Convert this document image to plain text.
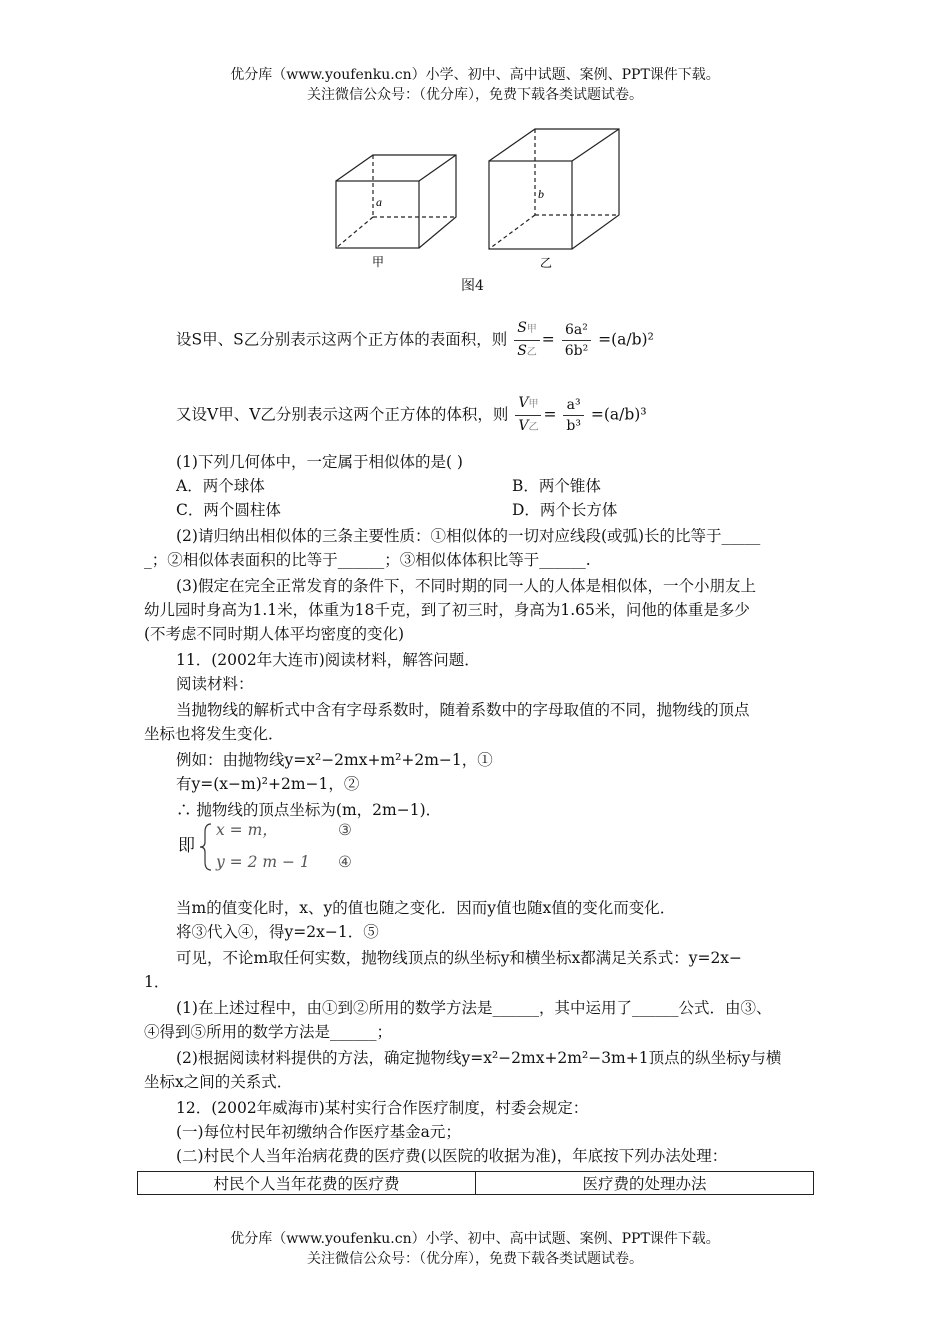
优分库（www.youfenku.cn）小学、初中、高中试题、案例、PPT课件下载。
关注微信公众号：（优分库），免费下载各类试题试卷。
a
b
甲	乙
图4
设S甲、S乙分别表示这两个正方体的表面积，则 $\frac{\text{S甲}}{\text{S乙}} = \frac{\text{6a²}}{\text{6b²}} =(a/b)^2$
又设V甲、V乙分别表示这两个正方体的体积，则 $\frac{\text{V甲}}{\text{V乙}} = \frac{\text{a³}}{\text{b³}} =(a/b)^3$
(1)下列几何体中，一定属于相似体的是( )
A．两个球体	B．两个锥体
C．两个圆柱体	D．两个长方体
(2)请归纳出相似体的三条主要性质：①相似体的一切对应线段(或弧)长的比等于_____
_；②相似体表面积的比等于______；③相似体体积比等于______.
(3)假定在完全正常发育的条件下，不同时期的同一人的人体是相似体，一个小朋友上
幼儿园时身高为1.1米，体重为18千克，到了初三时，身高为1.65米，问他的体重是多少
(不考虑不同时期人体平均密度的变化)
11．(2002年大连市)阅读材料，解答问题．
阅读材料：
当抛物线的解析式中含有字母系数时，随着系数中的字母取值的不同，抛物线的顶点
坐标也将发生变化．
例如：由抛物线y=x²−2mx+m²+2m−1，①
有y=(x−m)²+2m−1，②
∴ 抛物线的顶点坐标为(m，2m−1)．
即
x = m，	③
y = 2 m − 1 ④
当m的值变化时，x、y的值也随之变化．因而y值也随x值的变化而变化．
将③代入④，得y=2x−1．⑤
可见，不论m取任何实数，抛物线顶点的纵坐标y和横坐标x都满足关系式：y=2x−
1．
(1)在上述过程中，由①到②所用的数学方法是______，其中运用了______公式．由③、
④得到⑤所用的数学方法是______；
(2)根据阅读材料提供的方法，确定抛物线y=x²−2mx+2m²−3m+1顶点的纵坐标y与横
坐标x之间的关系式．
12．(2002年威海市)某村实行合作医疗制度，村委会规定：
(一)每位村民年初缴纳合作医疗基金a元；
(二)村民个人当年治病花费的医疗费(以医院的收据为准)，年底按下列办法处理：
村民个人当年花费的医疗费	医疗费的处理办法
优分库（www.youfenku.cn）小学、初中、高中试题、案例、PPT课件下载。
关注微信公众号：（优分库），免费下载各类试题试卷。
